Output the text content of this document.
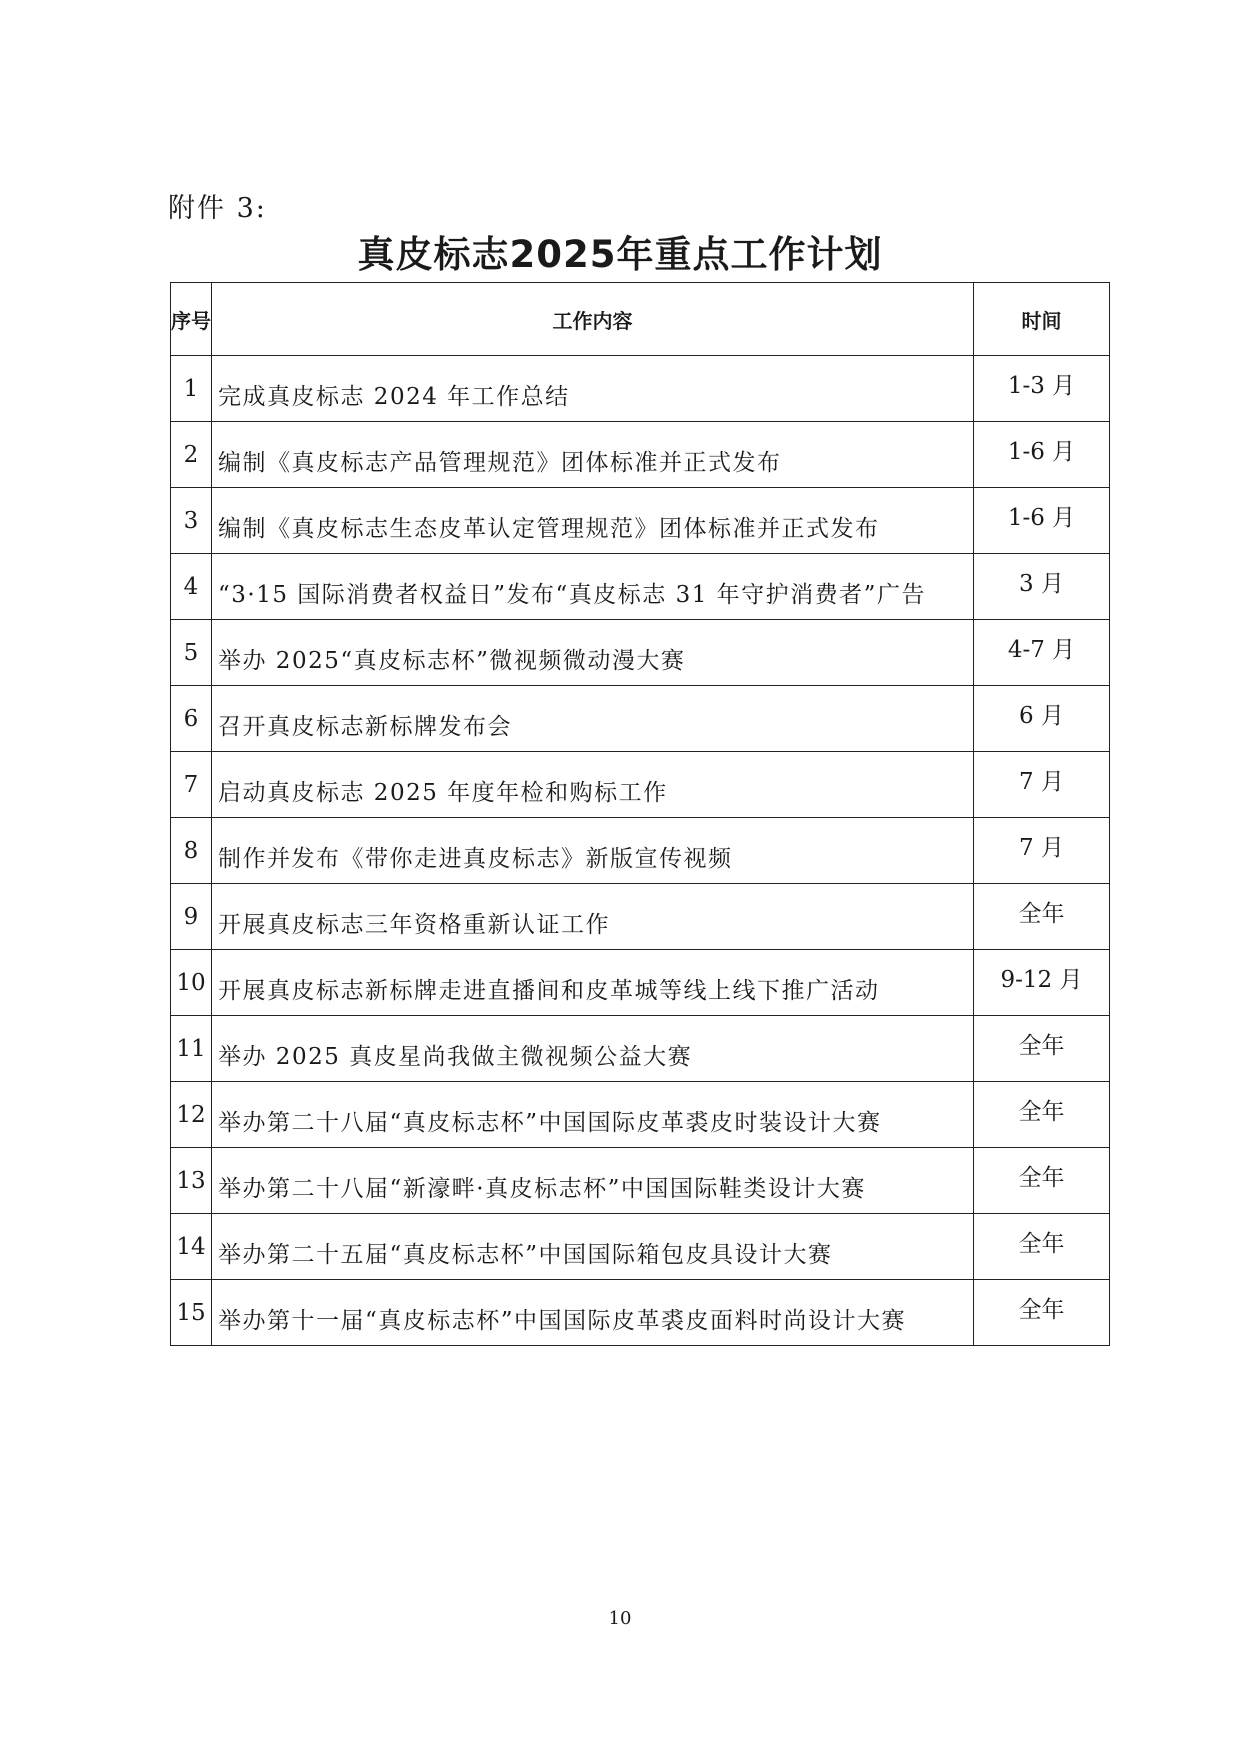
附件 3:
真皮标志2025年重点工作计划
序号	工作内容	时间
1	完成真皮标志 2024 年工作总结	1-3 月
2	编制《真皮标志产品管理规范》团体标准并正式发布	1-6 月
3	编制《真皮标志生态皮革认定管理规范》团体标准并正式发布	1-6 月
4	“3·15 国际消费者权益日”发布“真皮标志 31 年守护消费者”广告	3 月
5	举办 2025“真皮标志杯”微视频微动漫大赛	4-7 月
6	召开真皮标志新标牌发布会	6 月
7	启动真皮标志 2025 年度年检和购标工作	7 月
8	制作并发布《带你走进真皮标志》新版宣传视频	7 月
9	开展真皮标志三年资格重新认证工作	全年
10	开展真皮标志新标牌走进直播间和皮革城等线上线下推广活动	9-12 月
11	举办 2025 真皮星尚我做主微视频公益大赛	全年
12	举办第二十八届“真皮标志杯”中国国际皮革裘皮时装设计大赛	全年
13	举办第二十八届“新濠畔·真皮标志杯”中国国际鞋类设计大赛	全年
14	举办第二十五届“真皮标志杯”中国国际箱包皮具设计大赛	全年
15	举办第十一届“真皮标志杯”中国国际皮革裘皮面料时尚设计大赛	全年
10
